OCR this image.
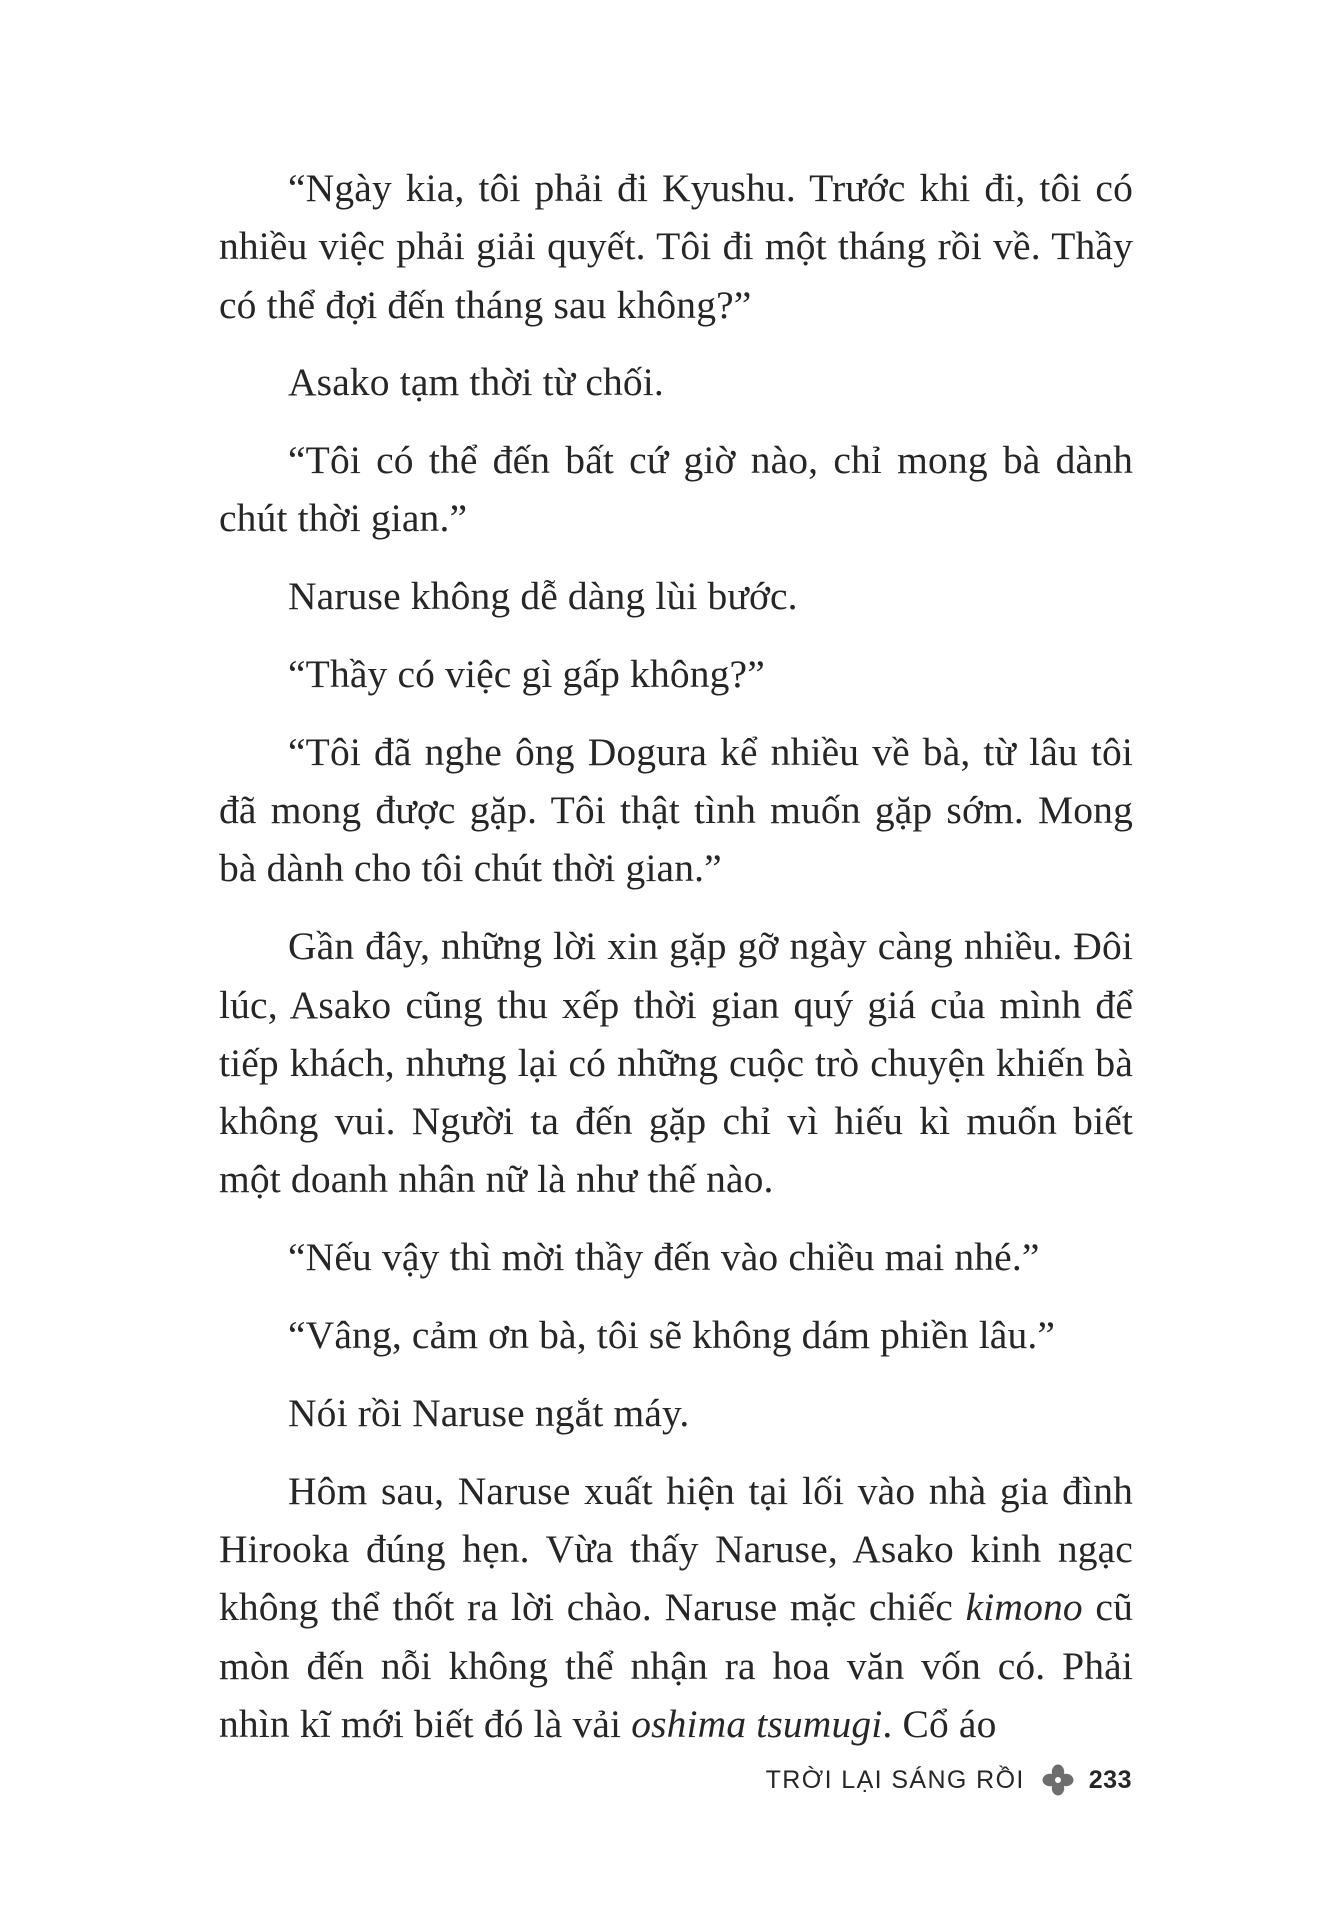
“Ngày kia, tôi phải đi Kyushu. Trước khi đi, tôi có nhiều việc phải giải quyết. Tôi đi một tháng rồi về. Thầy có thể đợi đến tháng sau không?”

Asako tạm thời từ chối.

“Tôi có thể đến bất cứ giờ nào, chỉ mong bà dành chút thời gian.”

Naruse không dễ dàng lùi bước.

“Thầy có việc gì gấp không?”

“Tôi đã nghe ông Dogura kể nhiều về bà, từ lâu tôi đã mong được gặp. Tôi thật tình muốn gặp sớm. Mong bà dành cho tôi chút thời gian.”

Gần đây, những lời xin gặp gỡ ngày càng nhiều. Đôi lúc, Asako cũng thu xếp thời gian quý giá của mình để tiếp khách, nhưng lại có những cuộc trò chuyện khiến bà không vui. Người ta đến gặp chỉ vì hiếu kì muốn biết một doanh nhân nữ là như thế nào.

“Nếu vậy thì mời thầy đến vào chiều mai nhé.”

“Vâng, cảm ơn bà, tôi sẽ không dám phiền lâu.”

Nói rồi Naruse ngắt máy.

Hôm sau, Naruse xuất hiện tại lối vào nhà gia đình Hirooka đúng hẹn. Vừa thấy Naruse, Asako kinh ngạc không thể thốt ra lời chào. Naruse mặc chiếc kimono cũ mòn đến nỗi không thể nhận ra hoa văn vốn có. Phải nhìn kĩ mới biết đó là vải oshima tsumugi. Cổ áo

TRỜI LẠI SÁNG RỒI	233
